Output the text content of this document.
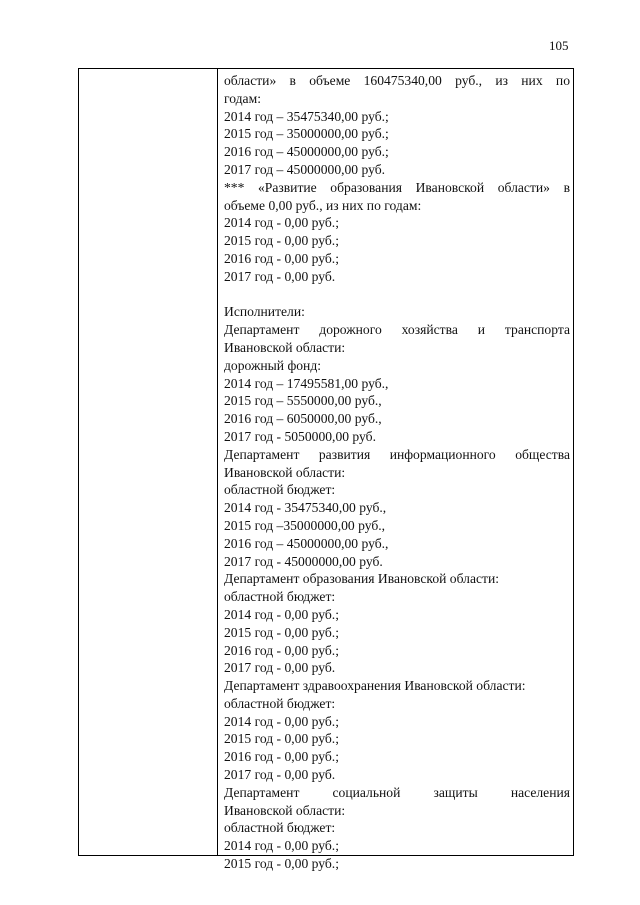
105
области» в объеме 160475340,00 руб., из них по
годам:
2014 год – 35475340,00 руб.;
2015 год – 35000000,00 руб.;
2016 год – 45000000,00 руб.;
2017 год – 45000000,00 руб.
*** «Развитие образования Ивановской области» в
объеме 0,00 руб., из них по годам:
2014 год - 0,00 руб.;
2015 год - 0,00 руб.;
2016 год - 0,00 руб.;
2017 год - 0,00 руб.
Исполнители:
Департамент дорожного хозяйства и транспорта
Ивановской области:
дорожный фонд:
2014 год – 17495581,00 руб.,
2015 год – 5550000,00 руб.,
2016 год – 6050000,00 руб.,
2017 год - 5050000,00 руб.
Департамент развития информационного общества
Ивановской области:
областной бюджет:
2014 год - 35475340,00 руб.,
2015 год –35000000,00 руб.,
2016 год – 45000000,00 руб.,
2017 год - 45000000,00 руб.
Департамент образования Ивановской области:
областной бюджет:
2014 год - 0,00 руб.;
2015 год - 0,00 руб.;
2016 год - 0,00 руб.;
2017 год - 0,00 руб.
Департамент здравоохранения Ивановской области:
областной бюджет:
2014 год - 0,00 руб.;
2015 год - 0,00 руб.;
2016 год - 0,00 руб.;
2017 год - 0,00 руб.
Департамент социальной защиты населения
Ивановской области:
областной бюджет:
2014 год - 0,00 руб.;
2015 год - 0,00 руб.;
